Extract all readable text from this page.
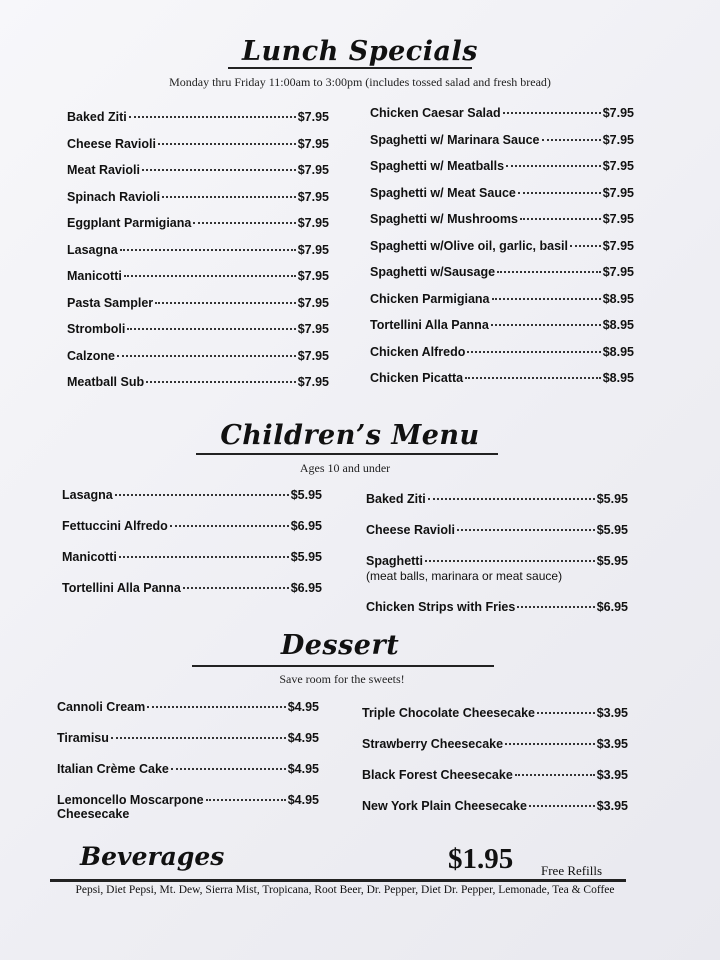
Lunch Specials
Monday thru Friday 11:00am to 3:00pm (includes tossed salad and fresh bread)
Baked Ziti	$7.95
Cheese Ravioli	$7.95
Meat Ravioli	$7.95
Spinach Ravioli	$7.95
Eggplant Parmigiana	$7.95
Lasagna	$7.95
Manicotti	$7.95
Pasta Sampler	$7.95
Stromboli	$7.95
Calzone	$7.95
Meatball Sub	$7.95
Chicken Caesar Salad	$7.95
Spaghetti w/ Marinara Sauce	$7.95
Spaghetti w/ Meatballs	$7.95
Spaghetti w/ Meat Sauce	$7.95
Spaghetti w/ Mushrooms	$7.95
Spaghetti w/Olive oil, garlic, basil	$7.95
Spaghetti w/Sausage	$7.95
Chicken Parmigiana	$8.95
Tortellini Alla Panna	$8.95
Chicken Alfredo	$8.95
Chicken Picatta	$8.95
Children’s Menu
Ages 10 and under
Lasagna	$5.95
Fettuccini Alfredo	$6.95
Manicotti	$5.95
Tortellini Alla Panna	$6.95
Baked Ziti	$5.95
Cheese Ravioli	$5.95
Spaghetti	$5.95
(meat balls, marinara or meat sauce)
Chicken Strips with Fries	$6.95
Dessert
Save room for the sweets!
Cannoli Cream	$4.95
Tiramisu	$4.95
Italian Crème Cake	$4.95
Lemoncello Moscarpone	$4.95
Cheesecake
Triple Chocolate Cheesecake	$3.95
Strawberry Cheesecake	$3.95
Black Forest Cheesecake	$3.95
New York Plain Cheesecake	$3.95
Beverages	$1.95 Free Refills
Pepsi, Diet Pepsi, Mt. Dew, Sierra Mist, Tropicana, Root Beer, Dr. Pepper, Diet Dr. Pepper, Lemonade, Tea & Coffee
